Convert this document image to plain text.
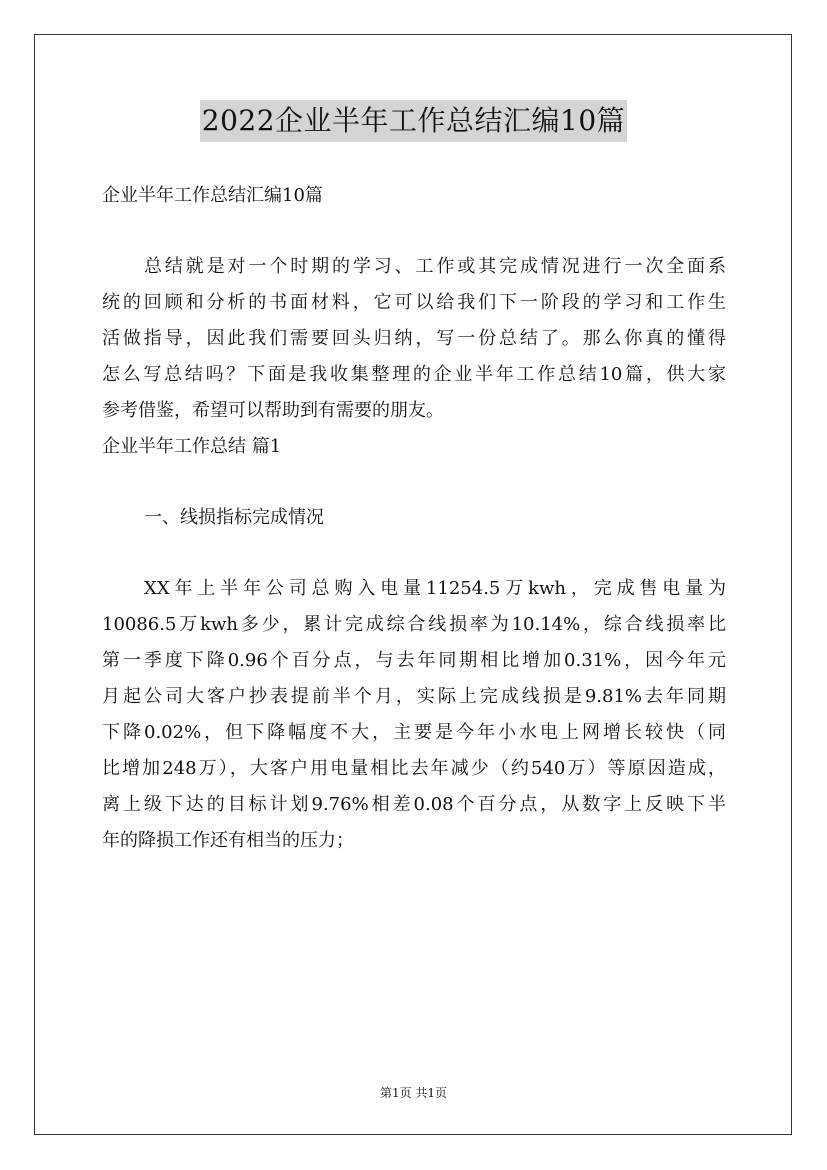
2022企业半年工作总结汇编10篇
企业半年工作总结汇编10篇
总结就是对一个时期的学习、工作或其完成情况进行一次全面系
统的回顾和分析的书面材料，它可以给我们下一阶段的学习和工作生
活做指导，因此我们需要回头归纳，写一份总结了。那么你真的懂得
怎么写总结吗？下面是我收集整理的企业半年工作总结10篇，供大家
参考借鉴，希望可以帮助到有需要的朋友。
企业半年工作总结 篇1
一、线损指标完成情况
XX年上半年公司总购入电量11254.5万kwh，完成售电量为
10086.5万kwh多少，累计完成综合线损率为10.14%，综合线损率比
第一季度下降0.96个百分点，与去年同期相比增加0.31%，因今年元
月起公司大客户抄表提前半个月，实际上完成线损是9.81%去年同期
下降0.02%，但下降幅度不大，主要是今年小水电上网增长较快（同
比增加248万），大客户用电量相比去年减少（约540万）等原因造成，
离上级下达的目标计划9.76%相差0.08个百分点，从数字上反映下半
年的降损工作还有相当的压力；
第1页 共1页
